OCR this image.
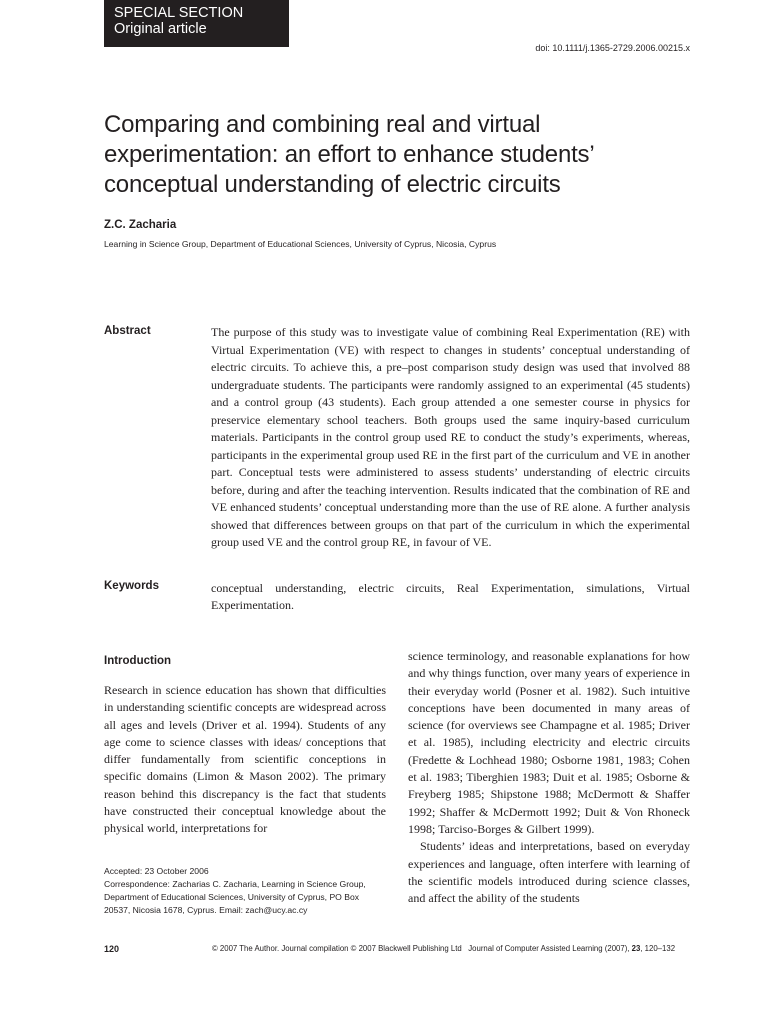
SPECIAL SECTION
Original article
doi: 10.1111/j.1365-2729.2006.00215.x
Comparing and combining real and virtual experimentation: an effort to enhance students’ conceptual understanding of electric circuits
Z.C. Zacharia
Learning in Science Group, Department of Educational Sciences, University of Cyprus, Nicosia, Cyprus
Abstract	The purpose of this study was to investigate value of combining Real Experimentation (RE) with Virtual Experimentation (VE) with respect to changes in students’ conceptual understanding of electric circuits. To achieve this, a pre–post comparison study design was used that involved 88 undergraduate students. The participants were randomly assigned to an experimental (45 students) and a control group (43 students). Each group attended a one semester course in physics for preservice elementary school teachers. Both groups used the same inquiry-based curriculum materials. Participants in the control group used RE to conduct the study’s experiments, whereas, participants in the experimental group used RE in the first part of the curriculum and VE in another part. Conceptual tests were administered to assess students’ understanding of electric circuits before, during and after the teaching intervention. Results indicated that the combination of RE and VE enhanced students’ conceptual understanding more than the use of RE alone. A further analysis showed that differences between groups on that part of the curriculum in which the experimental group used VE and the control group RE, in favour of VE.

Keywords	conceptual understanding, electric circuits, Real Experimentation, simulations, Virtual Experimentation.

Introduction

Research in science education has shown that difficulties in understanding scientific concepts are widespread across all ages and levels (Driver et al. 1994). Students of any age come to science classes with ideas/ conceptions that differ fundamentally from scientific conceptions in specific domains (Limon & Mason 2002). The primary reason behind this discrepancy is the fact that students have constructed their conceptual knowledge about the physical world, interpretations for

science terminology, and reasonable explanations for how and why things function, over many years of experience in their everyday world (Posner et al. 1982). Such intuitive conceptions have been documented in many areas of science (for overviews see Champagne et al. 1985; Driver et al. 1985), including electricity and electric circuits (Fredette & Lochhead 1980; Osborne 1981, 1983; Cohen et al. 1983; Tiberghien 1983; Duit et al. 1985; Osborne & Freyberg 1985; Shipstone 1988; McDermott & Shaffer 1992; Shaffer & McDermott 1992; Duit & Von Rhoneck 1998; Tarciso-Borges & Gilbert 1999).

Students’ ideas and interpretations, based on everyday experiences and language, often interfere with learning of the scientific models introduced during science classes, and affect the ability of the students

Accepted: 23 October 2006
Correspondence: Zacharias C. Zacharia, Learning in Science Group, Department of Educational Sciences, University of Cyprus, PO Box 20537, Nicosia 1678, Cyprus. Email: zach@ucy.ac.cy
120	© 2007 The Author. Journal compilation © 2007 Blackwell Publishing Ltd Journal of Computer Assisted Learning (2007), 23, 120–132
